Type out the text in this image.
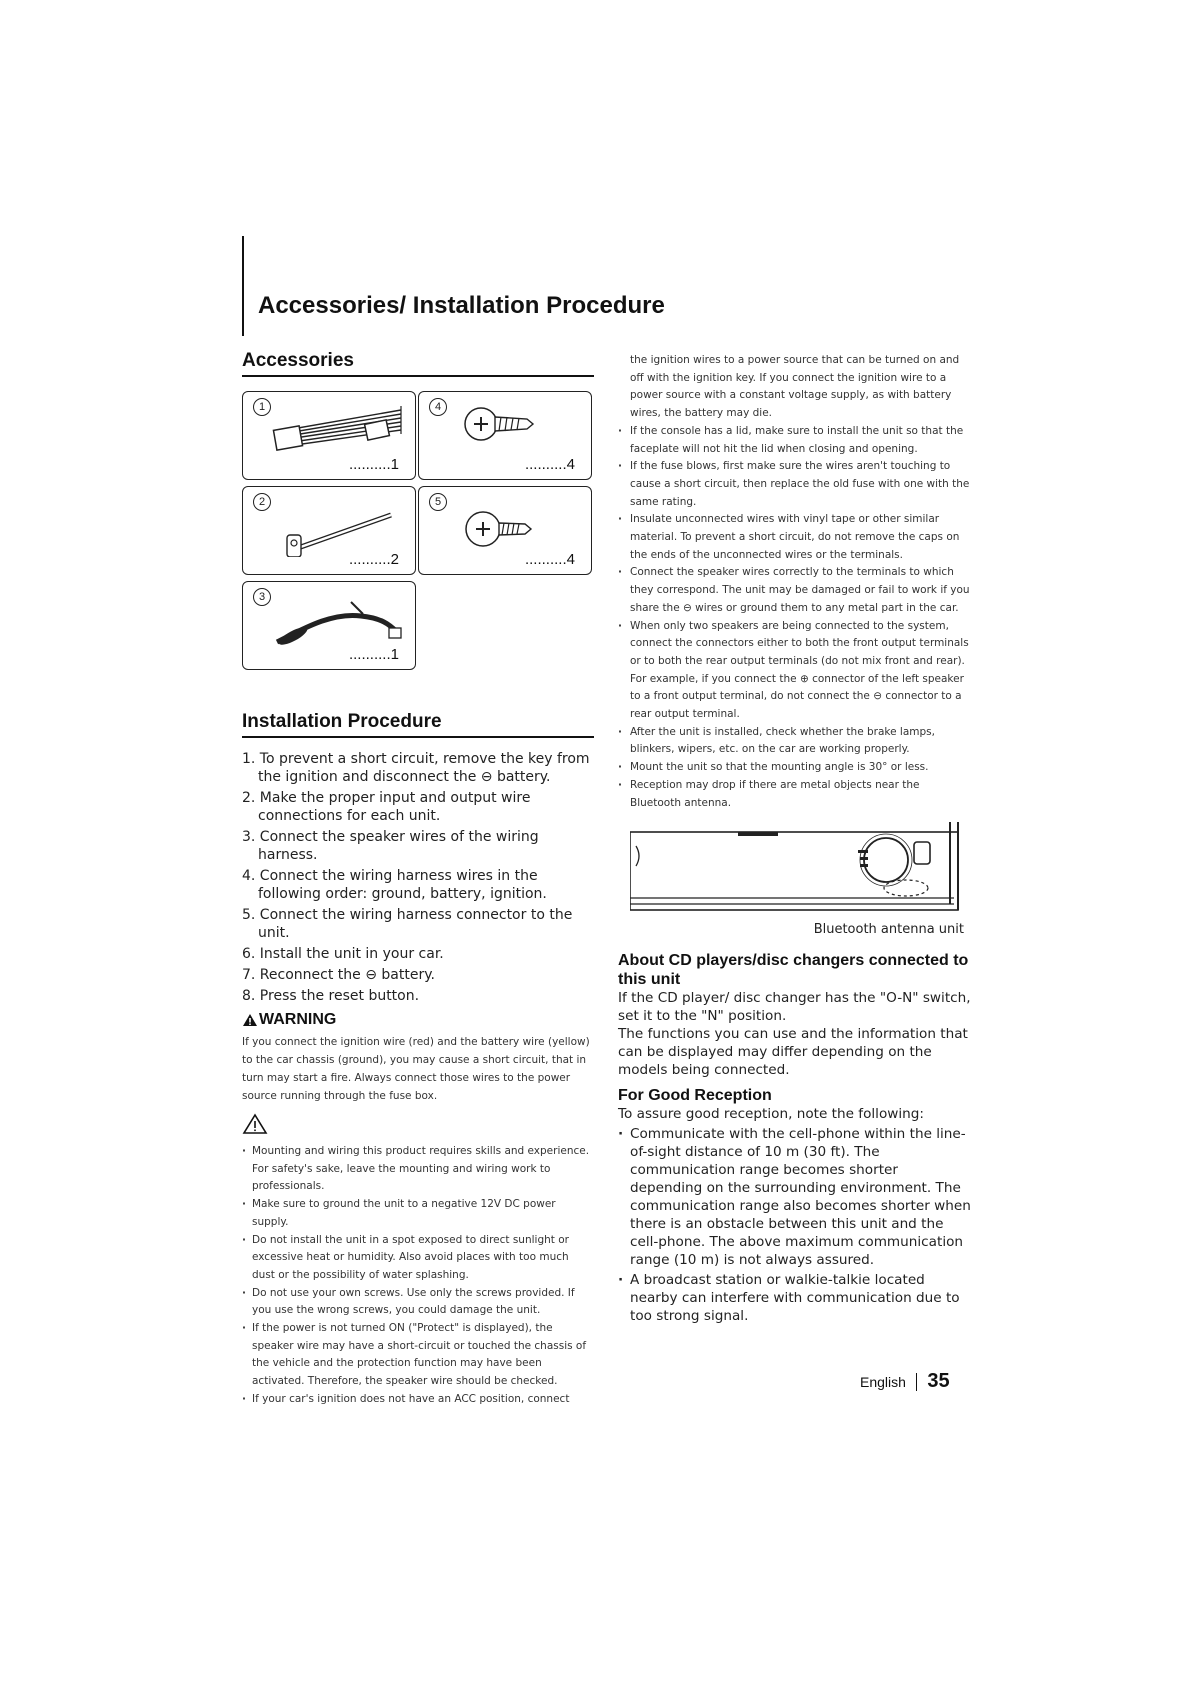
Accessories/ Installation Procedure
Accessories
1
..........1
4
..........4
2
..........2
5
..........4
3
..........1
Installation Procedure
1. To prevent a short circuit, remove the key from the ignition and disconnect the ⊖ battery.
2. Make the proper input and output wire connections for each unit.
3. Connect the speaker wires of the wiring harness.
4. Connect the wiring harness wires in the following order: ground, battery, ignition.
5. Connect the wiring harness connector to the unit.
6. Install the unit in your car.
7. Reconnect the ⊖ battery.
8. Press the reset button.
WARNING

If you connect the ignition wire (red) and the battery wire (yellow) to the car chassis (ground), you may cause a short circuit, that in turn may start a fire. Always connect those wires to the power source running through the fuse box.

· Mounting and wiring this product requires skills and experience. For safety's sake, leave the mounting and wiring work to professionals.
· Make sure to ground the unit to a negative 12V DC power supply.
· Do not install the unit in a spot exposed to direct sunlight or excessive heat or humidity. Also avoid places with too much dust or the possibility of water splashing.
· Do not use your own screws. Use only the screws provided. If you use the wrong screws, you could damage the unit.
· If the power is not turned ON ("Protect" is displayed), the speaker wire may have a short-circuit or touched the chassis of the vehicle and the protection function may have been activated. Therefore, the speaker wire should be checked.
· If your car's ignition does not have an ACC position, connect

the ignition wires to a power source that can be turned on and off with the ignition key. If you connect the ignition wire to a power source with a constant voltage supply, as with battery wires, the battery may die.

· If the console has a lid, make sure to install the unit so that the faceplate will not hit the lid when closing and opening.
· If the fuse blows, first make sure the wires aren't touching to cause a short circuit, then replace the old fuse with one with the same rating.
· Insulate unconnected wires with vinyl tape or other similar material. To prevent a short circuit, do not remove the caps on the ends of the unconnected wires or the terminals.
· Connect the speaker wires correctly to the terminals to which they correspond. The unit may be damaged or fail to work if you share the ⊖ wires or ground them to any metal part in the car.
· When only two speakers are being connected to the system, connect the connectors either to both the front output terminals or to both the rear output terminals (do not mix front and rear). For example, if you connect the ⊕ connector of the left speaker to a front output terminal, do not connect the ⊖ connector to a rear output terminal.
· After the unit is installed, check whether the brake lamps, blinkers, wipers, etc. on the car are working properly.
· Mount the unit so that the mounting angle is 30° or less.
· Reception may drop if there are metal objects near the Bluetooth antenna.
Bluetooth antenna unit
About CD players/disc changers connected to this unit

If the CD player/ disc changer has the "O-N" switch, set it to the "N" position.

The functions you can use and the information that can be displayed may differ depending on the models being connected.

For Good Reception

To assure good reception, note the following:

· Communicate with the cell-phone within the line-of-sight distance of 10 m (30 ft). The communication range becomes shorter depending on the surrounding environment. The communication range also becomes shorter when there is an obstacle between this unit and the cell-phone. The above maximum communication range (10 m) is not always assured.
· A broadcast station or walkie-talkie located nearby can interfere with communication due to too strong signal.
English 35
